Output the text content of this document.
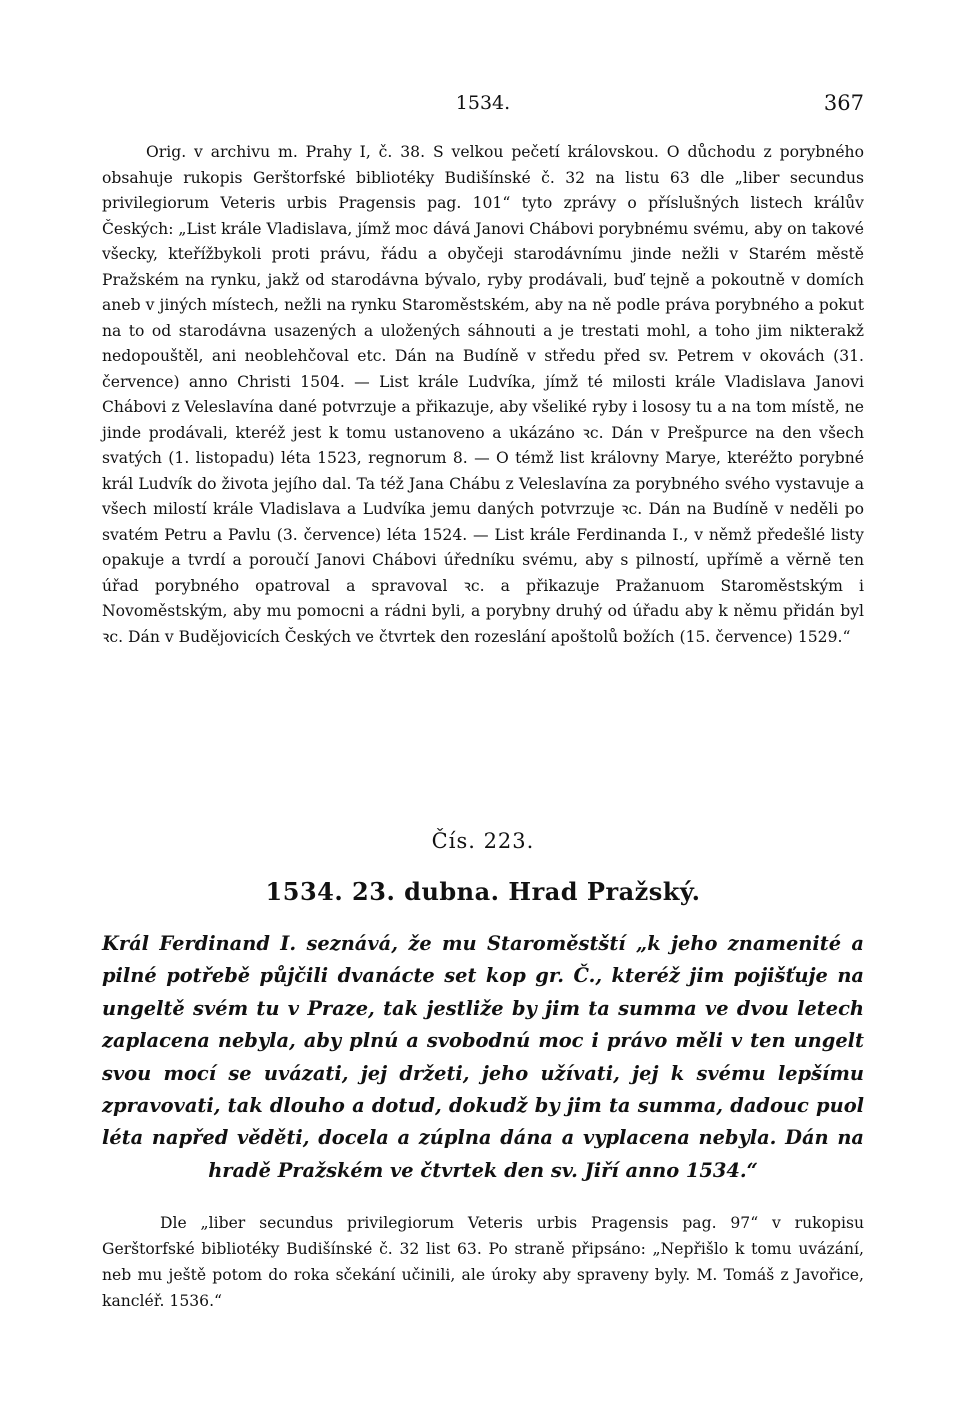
1534.	367

Orig. v archivu m. Prahy I, č. 38. S velkou pečetí královskou. O důchodu z porybného obsahuje rukopis Gerštorfské bibliotéky Budišínské č. 32 na listu 63 dle „liber secundus privilegiorum Veteris urbis Pragensis pag. 101“ tyto zprávy o příslušných listech králův Českých: „List krále Vladislava, jímž moc dává Janovi Chábovi porybnému svému, aby on takové všecky, kteřížbykoli proti právu, řádu a obyčeji starodávnímu jinde nežli v Starém městě Pražském na rynku, jakž od starodávna bývalo, ryby prodávali, buď tejně a pokoutně v domích aneb v jiných místech, nežli na rynku Staroměstském, aby na ně podle práva porybného a pokut na to od starodávna usazených a uložených sáhnouti a je trestati mohl, a toho jim nikterakž nedopouštěl, ani neoblehčoval etc. Dán na Budíně v středu před sv. Petrem v okovách (31. července) anno Christi 1504. — List krále Ludvíka, jímž té milosti krále Vladislava Janovi Chábovi z Veleslavína dané potvrzuje a přikazuje, aby všeliké ryby i lososy tu a na tom místě, ne jinde prodávali, kteréž jest k tomu ustanoveno a ukázáno ꝛc. Dán v Prešpurce na den všech svatých (1. listopadu) léta 1523, regnorum 8. — O témž list královny Marye, kteréžto porybné král Ludvík do života jejího dal. Ta též Jana Chábu z Veleslavína za porybného svého vystavuje a všech milostí krále Vladislava a Ludvíka jemu daných potvrzuje ꝛc. Dán na Budíně v neděli po svatém Petru a Pavlu (3. července) léta 1524. — List krále Ferdinanda I., v němž předešlé listy opakuje a tvrdí a poroučí Janovi Chábovi úředníku svému, aby s pilností, upřímě a věrně ten úřad porybného opatroval a spravoval ꝛc. a přikazuje Pražanuom Staroměstským i Novoměstským, aby mu pomocni a rádni byli, a porybny druhý od úřadu aby k němu přidán byl ꝛc. Dán v Budějovicích Českých ve čtvrtek den rozeslání apoštolů božích (15. července) 1529.“

Čís. 223.
1534. 23. dubna. Hrad Pražský.

Král Ferdinand I. seznává, že mu Staroměstští „k jeho znamenité a pilné potřebě půjčili dvanácte set kop gr. Č., kteréž jim pojišťuje na ungeltě svém tu v Praze, tak jestliže by jim ta summa ve dvou letech zaplacena nebyla, aby plnú a svobodnú moc i právo měli v ten ungelt svou mocí se uvázati, jej držeti, jeho užívati, jej k svému lepšímu zpravovati, tak dlouho a dotud, dokudž by jim ta summa, dadouc puol léta napřed věděti, docela a zúplna dána a vyplacena nebyla. Dán na hradě Pražském ve čtvrtek den sv. Jiří anno 1534.“

Dle „liber secundus privilegiorum Veteris urbis Pragensis pag. 97“ v rukopisu Gerštorfské bibliotéky Budišínské č. 32 list 63. Po straně připsáno: „Nepřišlo k tomu uvázání, neb mu ještě potom do roka sčekání učinili, ale úroky aby spraveny byly. M. Tomáš z Javořice, kancléř. 1536.“
